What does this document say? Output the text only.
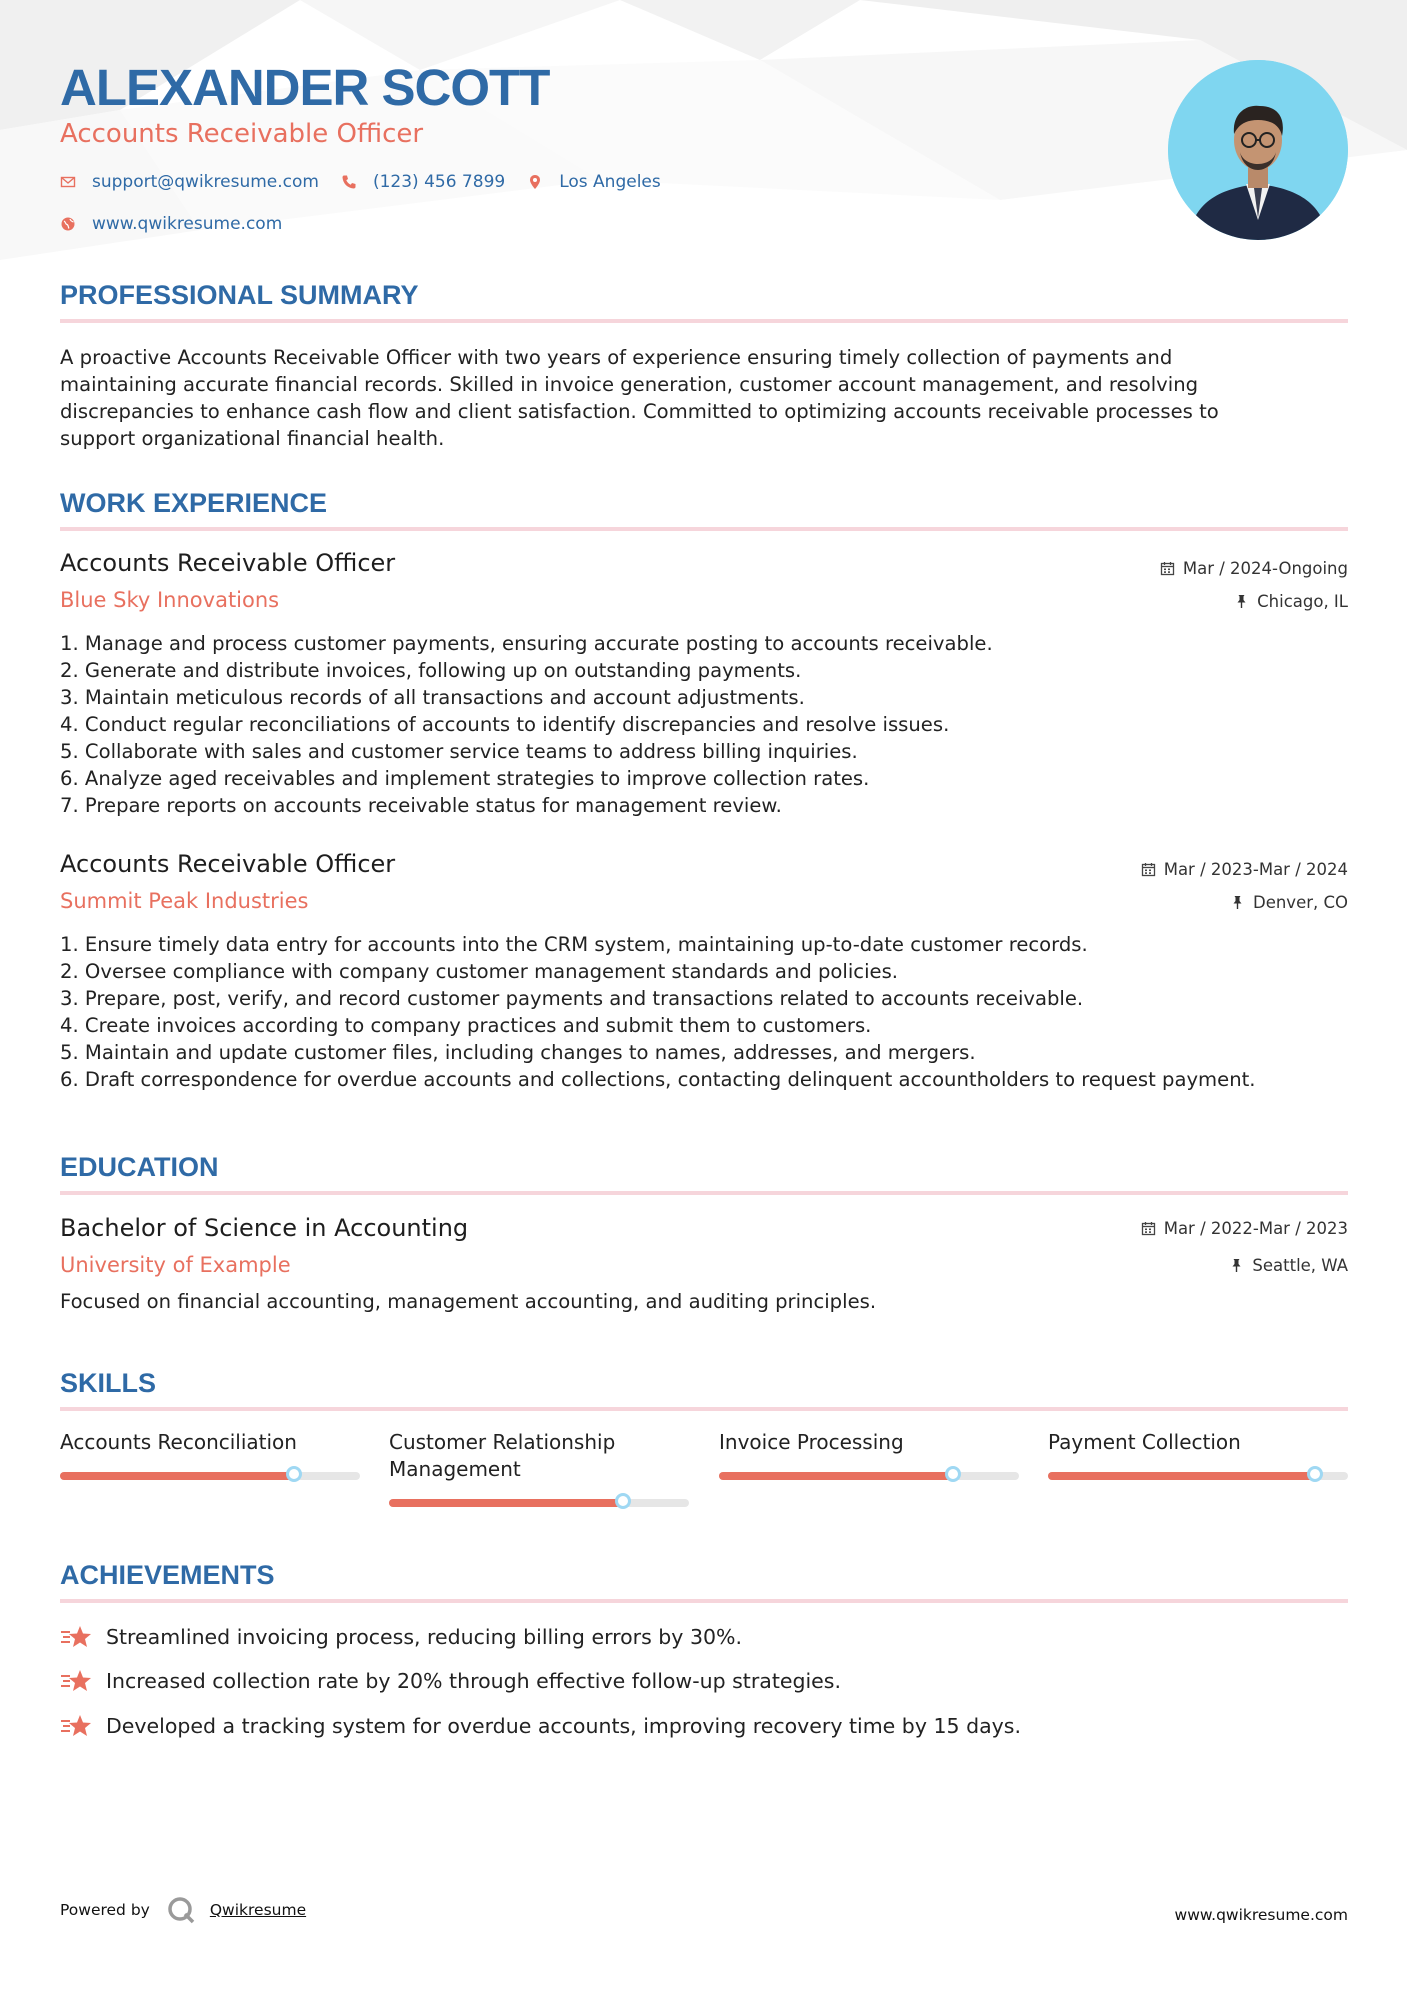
ALEXANDER SCOTT
Accounts Receivable Officer
support@qwikresume.com	(123) 456 7899	Los Angeles
www.qwikresume.com
PROFESSIONAL SUMMARY
A proactive Accounts Receivable Officer with two years of experience ensuring timely collection of payments and
maintaining accurate financial records. Skilled in invoice generation, customer account management, and resolving
discrepancies to enhance cash flow and client satisfaction. Committed to optimizing accounts receivable processes to
support organizational financial health.
WORK EXPERIENCE
Accounts Receivable Officer
Blue Sky Innovations
Mar / 2024-Ongoing
Chicago, IL
1. Manage and process customer payments, ensuring accurate posting to accounts receivable.
2. Generate and distribute invoices, following up on outstanding payments.
3. Maintain meticulous records of all transactions and account adjustments.
4. Conduct regular reconciliations of accounts to identify discrepancies and resolve issues.
5. Collaborate with sales and customer service teams to address billing inquiries.
6. Analyze aged receivables and implement strategies to improve collection rates.
7. Prepare reports on accounts receivable status for management review.
Accounts Receivable Officer
Summit Peak Industries
Mar / 2023-Mar / 2024
Denver, CO
1. Ensure timely data entry for accounts into the CRM system, maintaining up-to-date customer records.
2. Oversee compliance with company customer management standards and policies.
3. Prepare, post, verify, and record customer payments and transactions related to accounts receivable.
4. Create invoices according to company practices and submit them to customers.
5. Maintain and update customer files, including changes to names, addresses, and mergers.
6. Draft correspondence for overdue accounts and collections, contacting delinquent accountholders to request payment.
EDUCATION
Bachelor of Science in Accounting
University of Example
Mar / 2022-Mar / 2023
Seattle, WA
Focused on financial accounting, management accounting, and auditing principles.
SKILLS
Accounts Reconciliation	Customer Relationship
Management
Invoice Processing	Payment Collection
ACHIEVEMENTS
Streamlined invoicing process, reducing billing errors by 30%.
Increased collection rate by 20% through effective follow-up strategies.
Developed a tracking system for overdue accounts, improving recovery time by 15 days.
Powered by	Qwikresume	www.qwikresume.com
